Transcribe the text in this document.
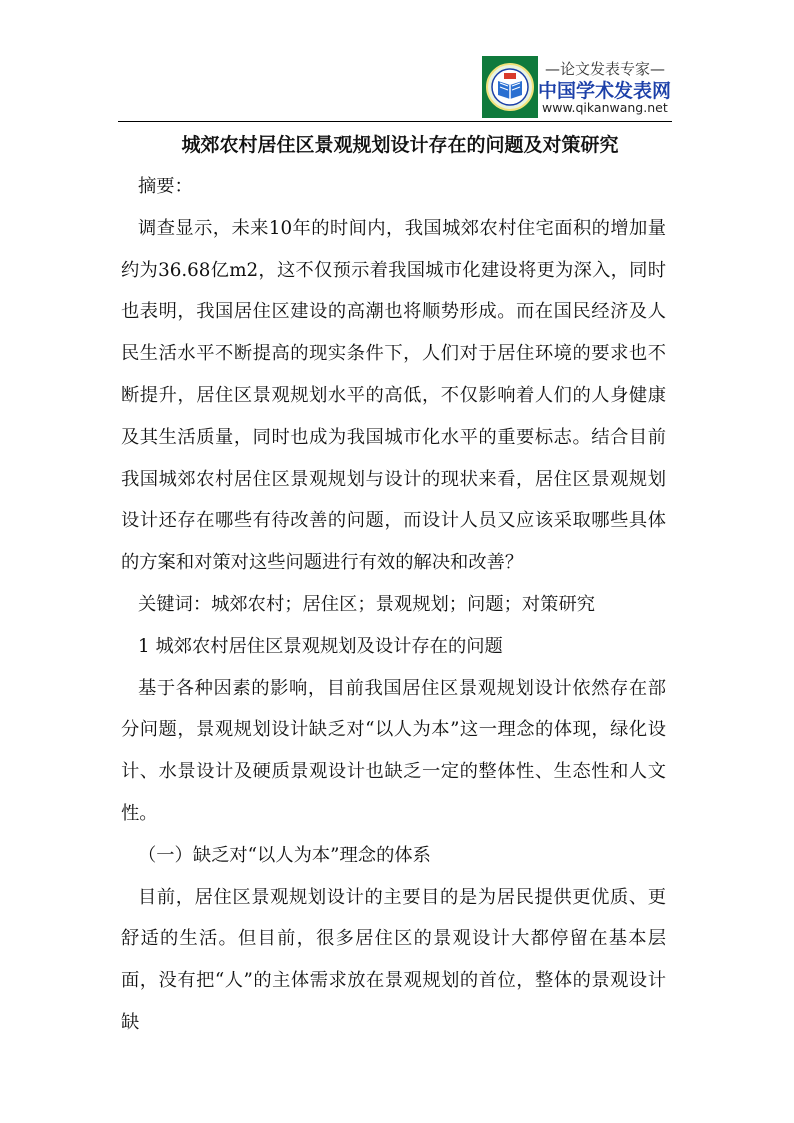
—论文发表专家—
中国学术发表网
www.qikanwang.net
城郊农村居住区景观规划设计存在的问题及对策研究

摘要：

调查显示，未来10年的时间内，我国城郊农村住宅面积的增加量约为36.68亿m2，这不仅预示着我国城市化建设将更为深入，同时也表明，我国居住区建设的高潮也将顺势形成。而在国民经济及人民生活水平不断提高的现实条件下，人们对于居住环境的要求也不断提升，居住区景观规划水平的高低，不仅影响着人们的人身健康及其生活质量，同时也成为我国城市化水平的重要标志。结合目前我国城郊农村居住区景观规划与设计的现状来看，居住区景观规划设计还存在哪些有待改善的问题，而设计人员又应该采取哪些具体的方案和对策对这些问题进行有效的解决和改善？

关键词：城郊农村；居住区；景观规划；问题；对策研究

1 城郊农村居住区景观规划及设计存在的问题

基于各种因素的影响，目前我国居住区景观规划设计依然存在部分问题，景观规划设计缺乏对“以人为本”这一理念的体现，绿化设计、水景设计及硬质景观设计也缺乏一定的整体性、生态性和人文性。

（一）缺乏对“以人为本”理念的体系

目前，居住区景观规划设计的主要目的是为居民提供更优质、更舒适的生活。但目前，很多居住区的景观设计大都停留在基本层面，没有把“人”的主体需求放在景观规划的首位，整体的景观设计缺
